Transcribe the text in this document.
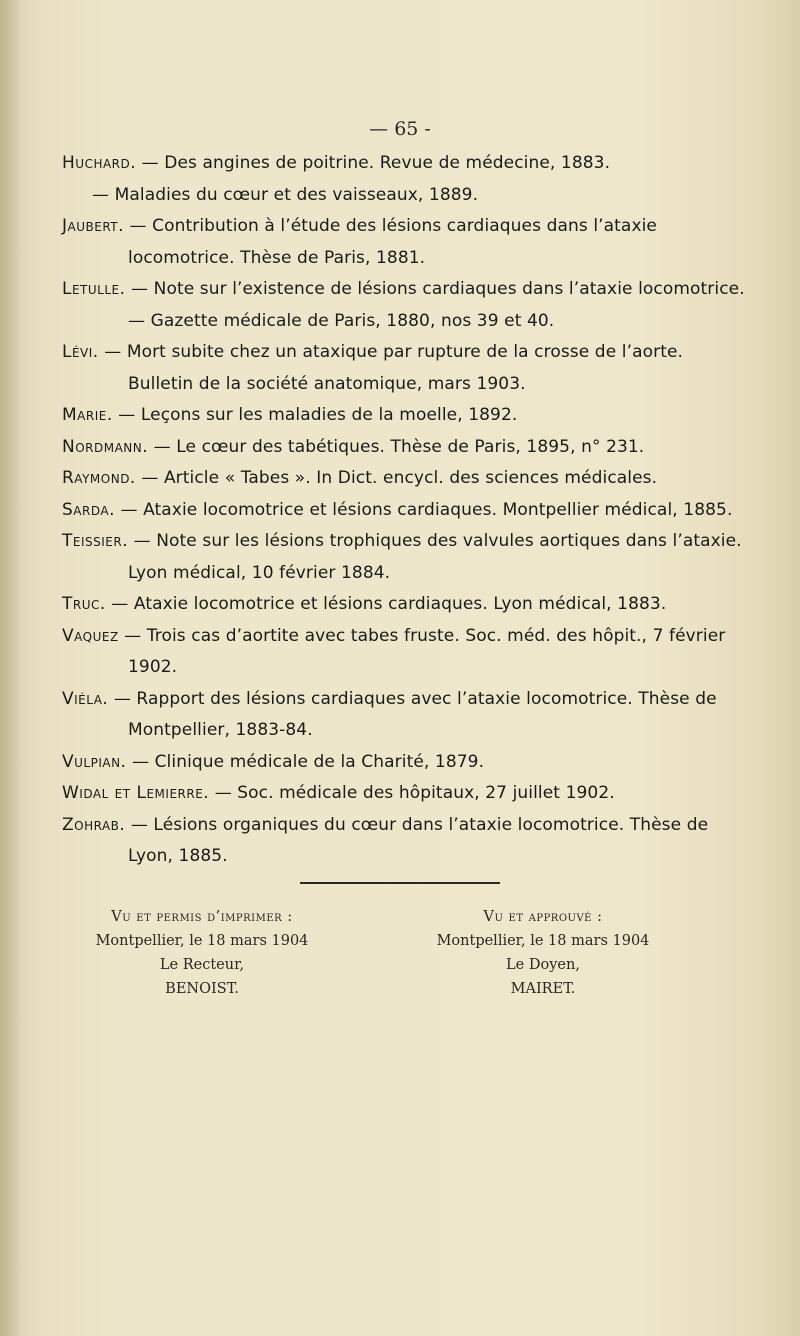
— 65 -

Huchard. — Des angines de poitrine. Revue de médecine, 1883.

— Maladies du cœur et des vaisseaux, 1889.

Jaubert. — Contribution à l’étude des lésions cardiaques dans l’ataxie locomotrice. Thèse de Paris, 1881.

Letulle. — Note sur l’existence de lésions cardiaques dans l’ataxie locomotrice. — Gazette médicale de Paris, 1880, nos 39 et 40.

Lévi. — Mort subite chez un ataxique par rupture de la crosse de l’aorte. Bulletin de la société anatomique, mars 1903.

Marie. — Leçons sur les maladies de la moelle, 1892.

Nordmann. — Le cœur des tabétiques. Thèse de Paris, 1895, n° 231.

Raymond. — Article « Tabes ». In Dict. encycl. des sciences médicales.

Sarda. — Ataxie locomotrice et lésions cardiaques. Montpellier médical, 1885.

Teissier. — Note sur les lésions trophiques des valvules aortiques dans l’ataxie. Lyon médical, 10 février 1884.

Truc. — Ataxie locomotrice et lésions cardiaques. Lyon médical, 1883.

Vaquez — Trois cas d’aortite avec tabes fruste. Soc. méd. des hôpit., 7 février 1902.

Viéla. — Rapport des lésions cardiaques avec l’ataxie locomotrice. Thèse de Montpellier, 1883-84.

Vulpian. — Clinique médicale de la Charité, 1879.

Widal et Lemierre. — Soc. médicale des hôpitaux, 27 juillet 1902.

Zohrab. — Lésions organiques du cœur dans l’ataxie locomotrice. Thèse de Lyon, 1885.

Vu et permis d’imprimer :
Montpellier, le 18 mars 1904
Le Recteur,
BENOIST.
Vu et approuvé :
Montpellier, le 18 mars 1904
Le Doyen,
MAIRET.
